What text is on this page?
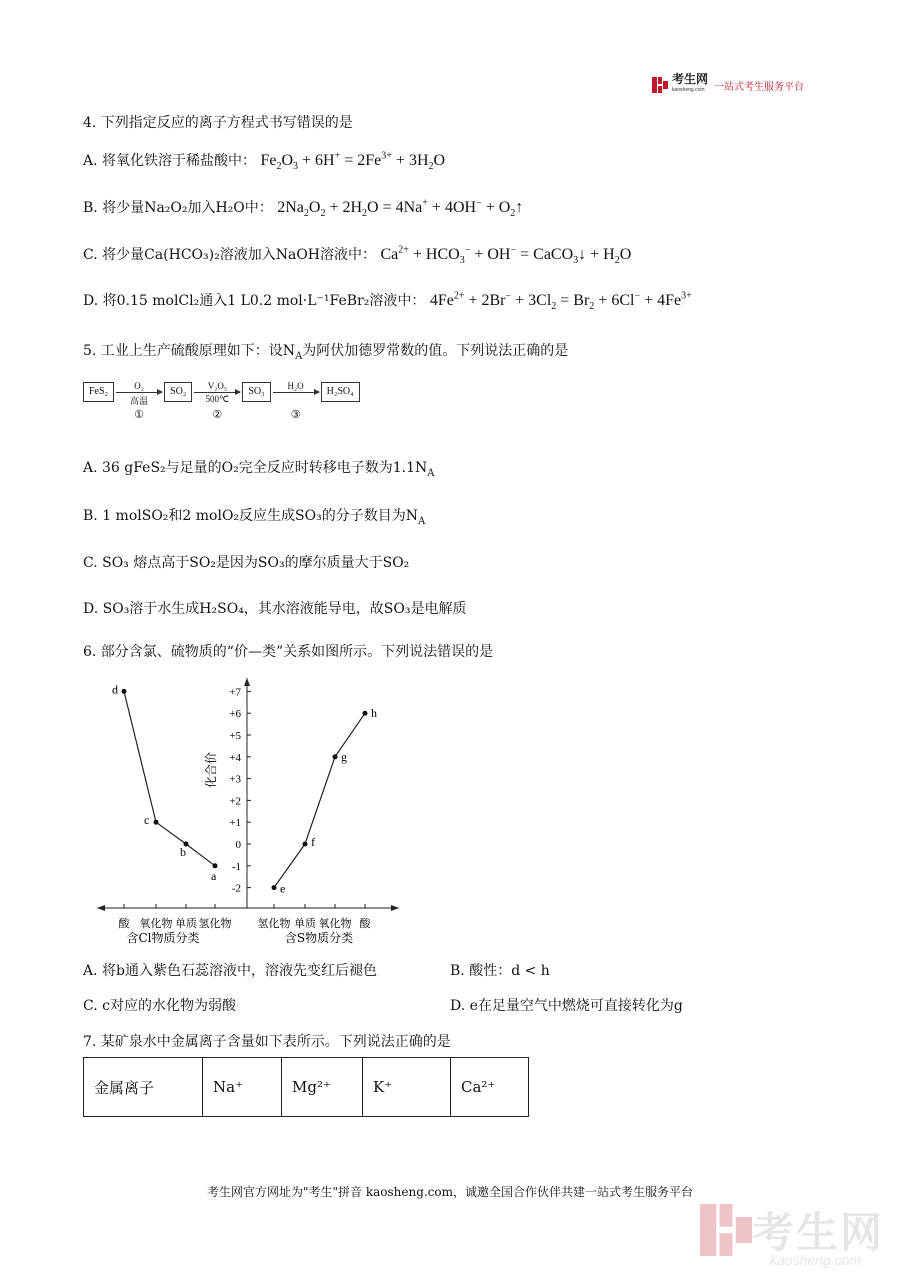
考生网
kaosheng.com 一站式考生服务平台
4. 下列指定反应的离子方程式书写错误的是
A. 将氧化铁溶于稀盐酸中： $Fe_2O_3 + 6H^+ = 2Fe^{3+} + 3H_2O$
B. 将少量Na₂O₂加入H₂O中： $2Na_2O_2 + 2H_2O = 4Na^+ + 4OH^-$ + $O_2↑$
C. 将少量Ca(HCO₃)₂溶液加入NaOH溶液中： $Ca^{2+} + HCO_3^- + OH^-$ = CaCO$_3$↓ + $H_2O$
D. 将0.15 molCl₂通入1 L0.2 mol·L⁻¹FeBr₂溶液中： $4Fe^{2+} + 2Br^- + 3Cl_2 = Br_2 + 6Cl^- + 4Fe^{3+}$
5. 工业上生产硫酸原理如下：设$N_A$为阿伏加德罗常数的值。下列说法正确的是
FeS₂	O₂
高温
①
SO₂	V₂O₅
500℃
②
SO₃	H₂O
③
H₂SO₄
A. 36 gFeS₂与足量的O₂完全反应时转移电子数为$1.1N_A$
B. 1 molSO₂和2 molO₂反应生成SO₃的分子数目为$N_A$
C. SO₃ 熔点高于SO₂是因为SO₃的摩尔质量大于SO₂
D. SO₃溶于水生成H₂SO₄，其水溶液能导电，故SO₃是电解质
6. 部分含氯、硫物质的“价—类”关系如图所示。下列说法错误的是
+7
+6
+5
+4
+3
+2
+1
0
-1
-2
化合价
酸 氧化物 单质 氢化物 氢化物 单质 氧化物 酸
含Cl物质分类	含S物质分类
d
c
b
a
e
f
g
h
A. 将b通入紫色石蕊溶液中，溶液先变红后褪色	B. 酸性：d < h
C. c对应的水化物为弱酸	D. e在足量空气中燃烧可直接转化为g
7. 某矿泉水中金属离子含量如下表所示。下列说法正确的是
金属离子	Na⁺	Mg²⁺	K⁺	Ca²⁺
考生网官方网址为"考生"拼音 kaosheng.com，诚邀全国合作伙伴共建一站式考生服务平台
考生网
kaosheng.com
